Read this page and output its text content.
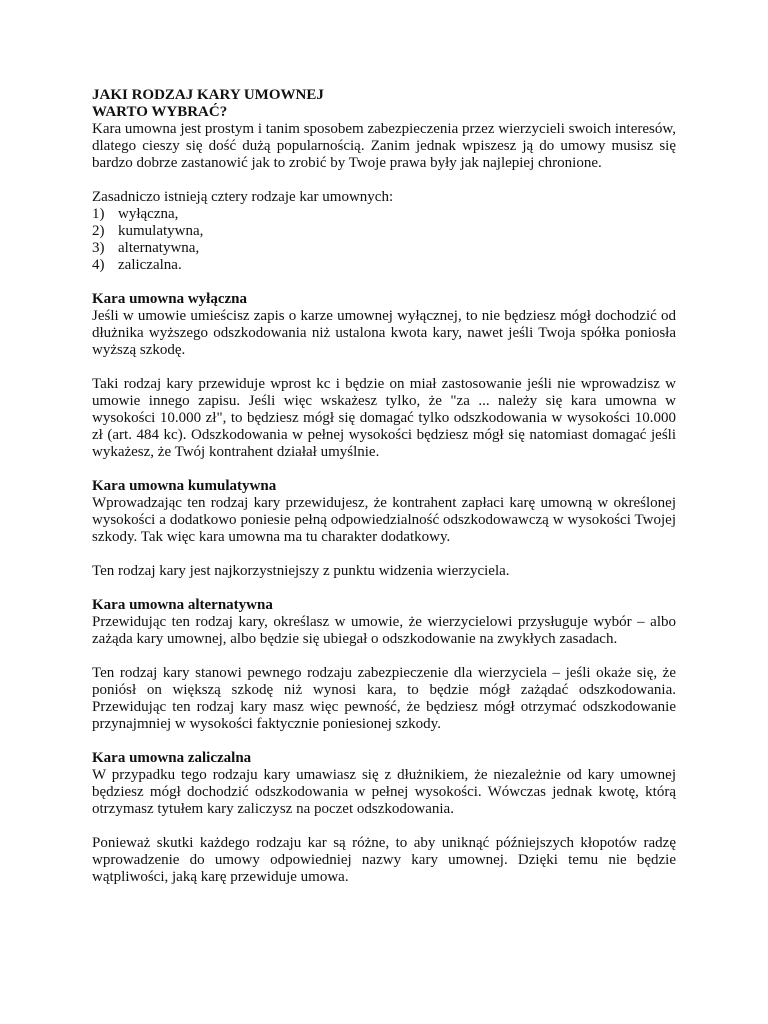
JAKI RODZAJ KARY UMOWNEJ
WARTO WYBRAĆ?

Kara umowna jest prostym i tanim sposobem zabezpieczenia przez wierzycieli swoich interesów, dlatego cieszy się dość dużą popularnością. Zanim jednak wpiszesz ją do umowy musisz się bardzo dobrze zastanowić jak to zrobić by Twoje prawa były jak najlepiej chronione.

Zasadniczo istnieją cztery rodzaje kar umownych:

1) wyłączna,
2) kumulatywna,
3) alternatywna,
4) zaliczalna.
Kara umowna wyłączna

Jeśli w umowie umieścisz zapis o karze umownej wyłącznej, to nie będziesz mógł dochodzić od dłużnika wyższego odszkodowania niż ustalona kwota kary, nawet jeśli Twoja spółka poniosła wyższą szkodę.

Taki rodzaj kary przewiduje wprost kc i będzie on miał zastosowanie jeśli nie wprowadzisz w umowie innego zapisu. Jeśli więc wskażesz tylko, że "za ... należy się kara umowna w wysokości 10.000 zł", to będziesz mógł się domagać tylko odszkodowania w wysokości 10.000 zł (art. 484 kc). Odszkodowania w pełnej wysokości będziesz mógł się natomiast domagać jeśli wykażesz, że Twój kontrahent działał umyślnie.

Kara umowna kumulatywna

Wprowadzając ten rodzaj kary przewidujesz, że kontrahent zapłaci karę umowną w określonej wysokości a dodatkowo poniesie pełną odpowiedzialność odszkodowawczą w wysokości Twojej szkody. Tak więc kara umowna ma tu charakter dodatkowy.

Ten rodzaj kary jest najkorzystniejszy z punktu widzenia wierzyciela.

Kara umowna alternatywna

Przewidując ten rodzaj kary, określasz w umowie, że wierzycielowi przysługuje wybór – albo zażąda kary umownej, albo będzie się ubiegał o odszkodowanie na zwykłych zasadach.

Ten rodzaj kary stanowi pewnego rodzaju zabezpieczenie dla wierzyciela – jeśli okaże się, że poniósł on większą szkodę niż wynosi kara, to będzie mógł zażądać odszkodowania. Przewidując ten rodzaj kary masz więc pewność, że będziesz mógł otrzymać odszkodowanie przynajmniej w wysokości faktycznie poniesionej szkody.

Kara umowna zaliczalna

W przypadku tego rodzaju kary umawiasz się z dłużnikiem, że niezależnie od kary umownej będziesz mógł dochodzić odszkodowania w pełnej wysokości. Wówczas jednak kwotę, którą otrzymasz tytułem kary zaliczysz na poczet odszkodowania.

Ponieważ skutki każdego rodzaju kar są różne, to aby uniknąć późniejszych kłopotów radzę wprowadzenie do umowy odpowiedniej nazwy kary umownej. Dzięki temu nie będzie wątpliwości, jaką karę przewiduje umowa.
